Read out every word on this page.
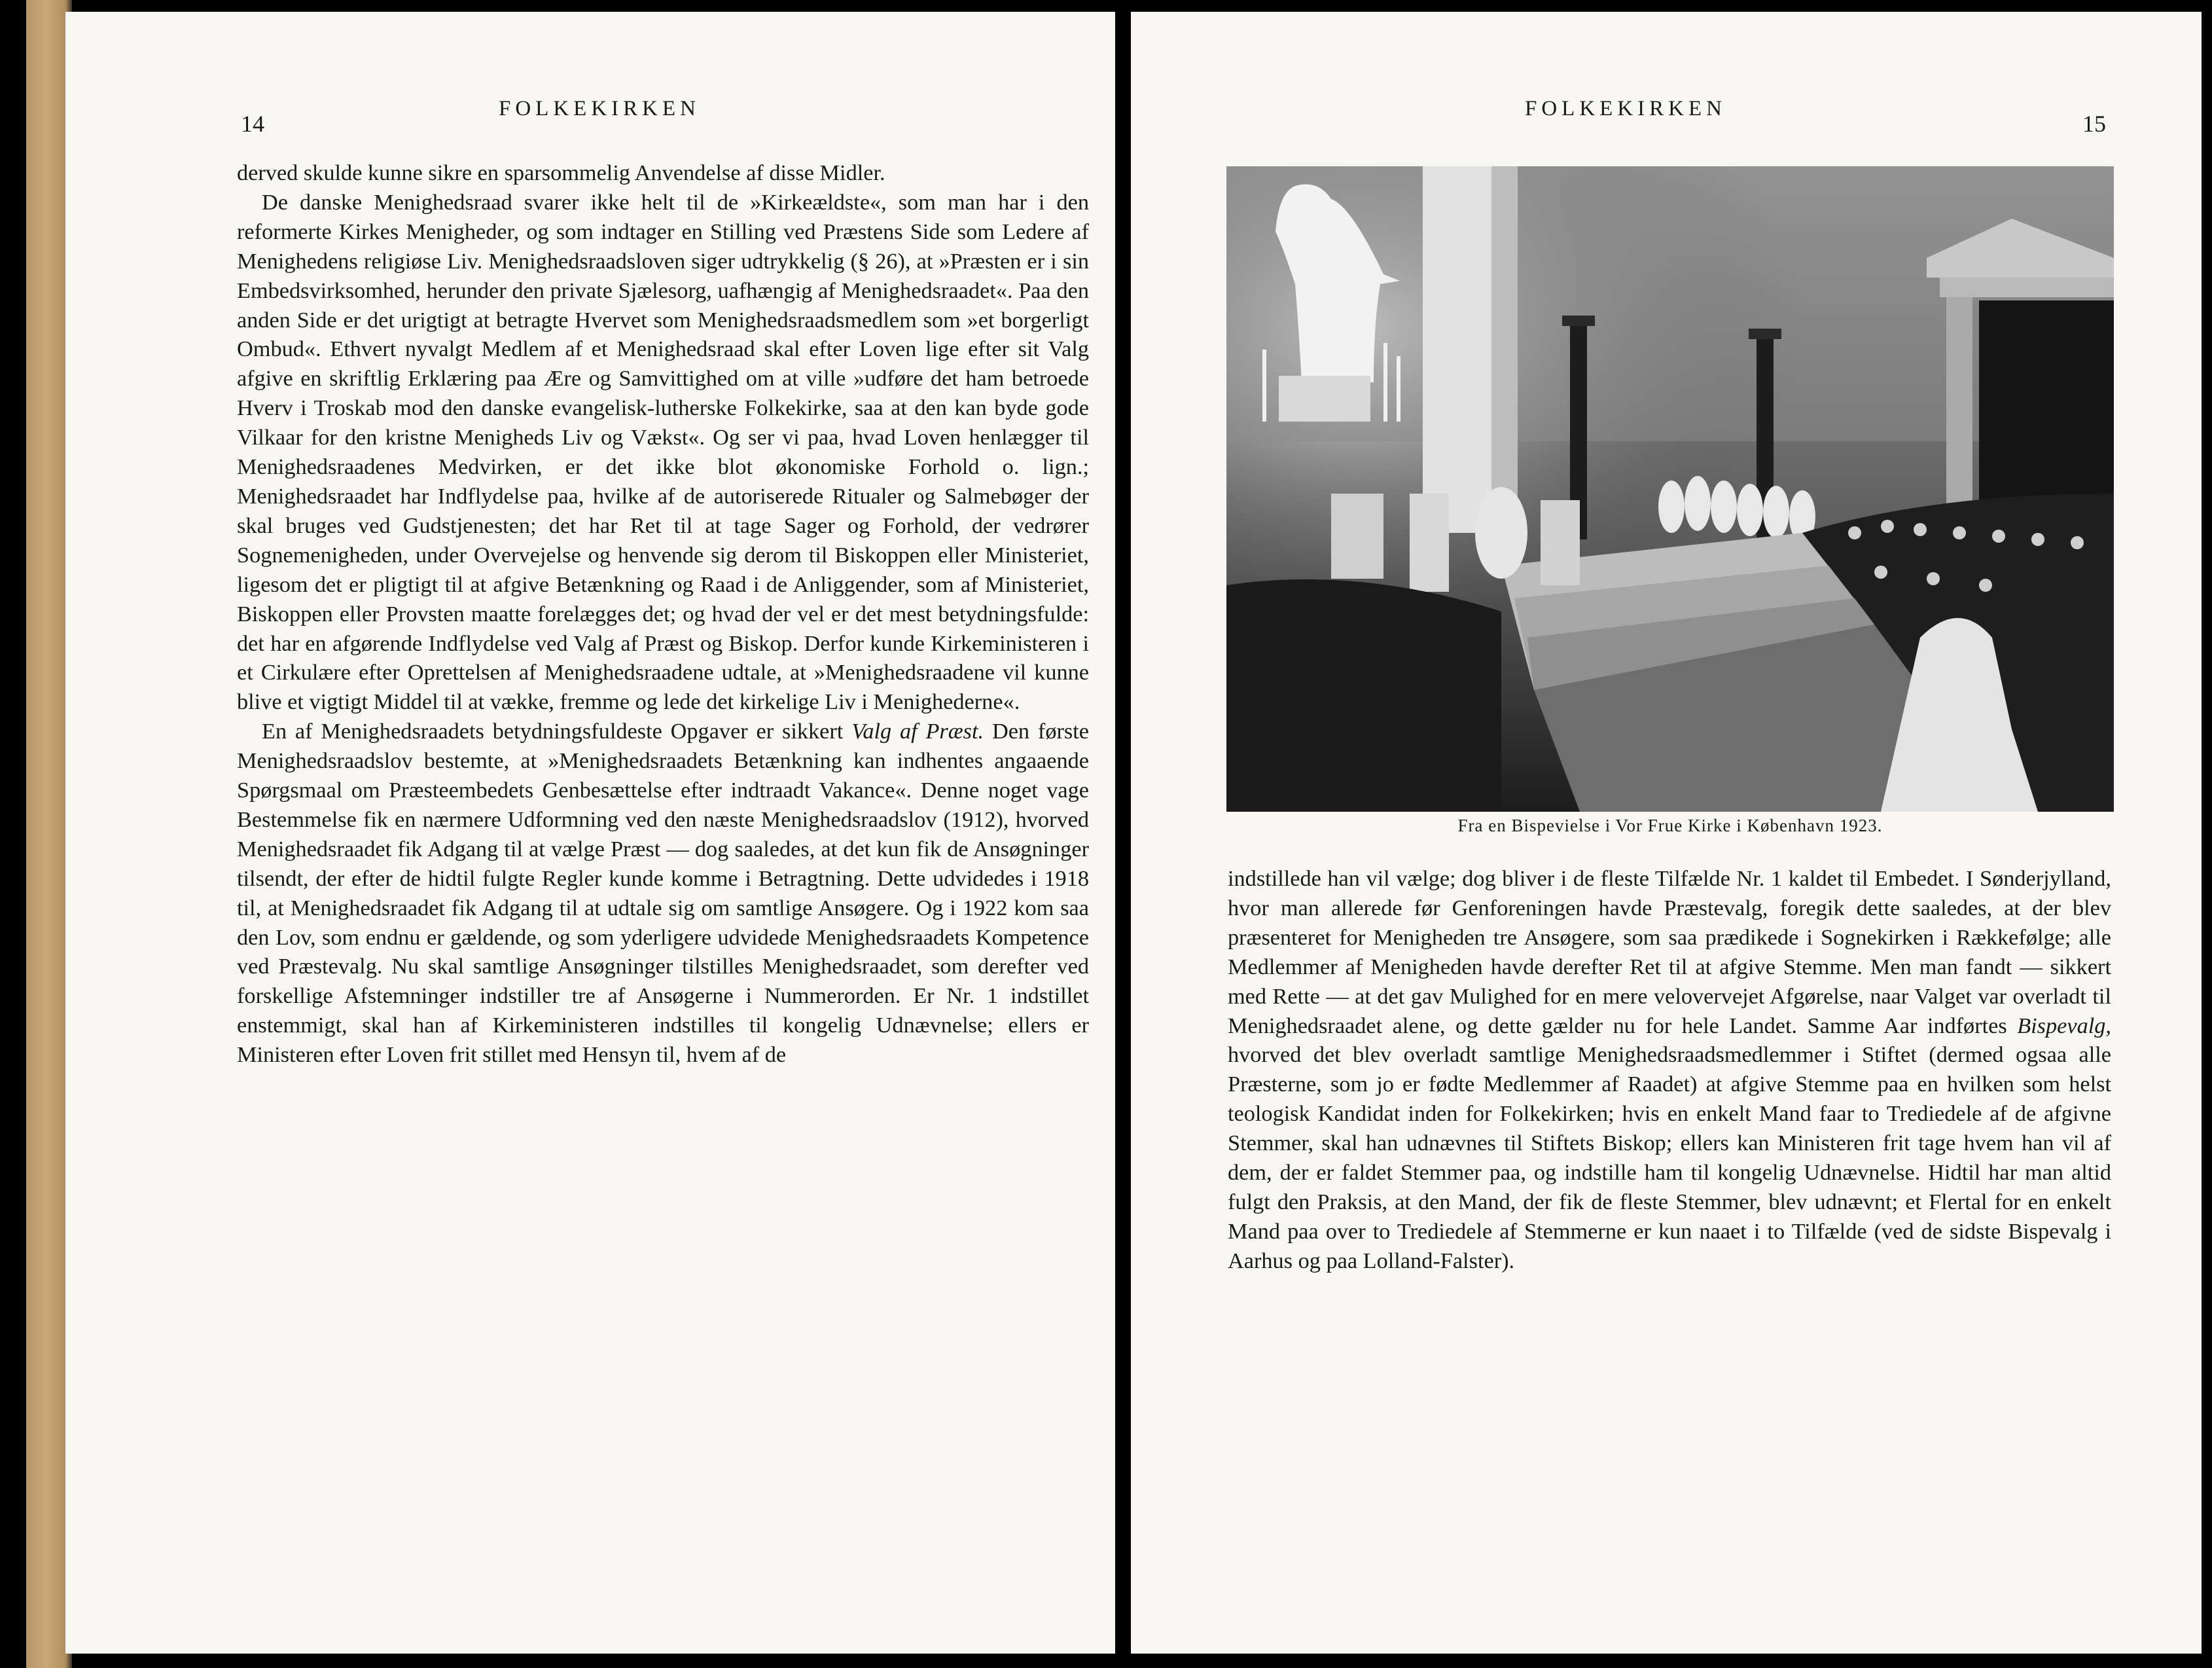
14
FOLKEKIRKEN

derved skulde kunne sikre en sparsommelig Anvendelse af disse Midler.

De danske Menighedsraad svarer ikke helt til de »Kirkeældste«, som man har i den reformerte Kirkes Menigheder, og som indtager en Stilling ved Præstens Side som Ledere af Menighedens religiøse Liv. Menighedsraadsloven siger udtrykkelig (§ 26), at »Præsten er i sin Embedsvirksomhed, herunder den private Sjælesorg, uafhængig af Menighedsraadet«. Paa den anden Side er det urigtigt at betragte Hvervet som Menighedsraadsmedlem som »et borgerligt Ombud«. Ethvert nyvalgt Medlem af et Menighedsraad skal efter Loven lige efter sit Valg afgive en skriftlig Erklæring paa Ære og Samvittighed om at ville »udføre det ham betroede Hverv i Troskab mod den danske evangelisk-lutherske Folkekirke, saa at den kan byde gode Vilkaar for den kristne Menigheds Liv og Vækst«. Og ser vi paa, hvad Loven henlægger til Menighedsraadenes Medvirken, er det ikke blot økonomiske Forhold o. lign.; Menighedsraadet har Indflydelse paa, hvilke af de autoriserede Ritualer og Salmebøger der skal bruges ved Gudstjenesten; det har Ret til at tage Sager og Forhold, der vedrører Sognemenigheden, under Overvejelse og henvende sig derom til Biskoppen eller Ministeriet, ligesom det er pligtigt til at afgive Betænkning og Raad i de Anliggender, som af Ministeriet, Biskoppen eller Provsten maatte forelægges det; og hvad der vel er det mest betydningsfulde: det har en afgørende Indflydelse ved Valg af Præst og Biskop. Derfor kunde Kirkeministeren i et Cirkulære efter Oprettelsen af Menighedsraadene udtale, at »Menighedsraadene vil kunne blive et vigtigt Middel til at vække, fremme og lede det kirkelige Liv i Menighederne«.

En af Menighedsraadets betydningsfuldeste Opgaver er sikkert Valg af Præst. Den første Menighedsraadslov bestemte, at »Menighedsraadets Betænkning kan indhentes angaaende Spørgsmaal om Præsteembedets Genbesættelse efter indtraadt Vakance«. Denne noget vage Bestemmelse fik en nærmere Udformning ved den næste Menighedsraadslov (1912), hvorved Menighedsraadet fik Adgang til at vælge Præst — dog saaledes, at det kun fik de Ansøgninger tilsendt, der efter de hidtil fulgte Regler kunde komme i Betragtning. Dette udvidedes i 1918 til, at Menighedsraadet fik Adgang til at udtale sig om samtlige Ansøgere. Og i 1922 kom saa den Lov, som endnu er gældende, og som yderligere udvidede Menighedsraadets Kompetence ved Præstevalg. Nu skal samtlige Ansøgninger tilstilles Menighedsraadet, som derefter ved forskellige Afstemninger indstiller tre af Ansøgerne i Nummerorden. Er Nr. 1 indstillet enstemmigt, skal han af Kirkeministeren indstilles til kongelig Udnævnelse; ellers er Ministeren efter Loven frit stillet med Hensyn til, hvem af de

FOLKEKIRKEN
15
Fra en Bispevielse i Vor Frue Kirke i København 1923.

indstillede han vil vælge; dog bliver i de fleste Tilfælde Nr. 1 kaldet til Embedet. I Sønderjylland, hvor man allerede før Genforeningen havde Præstevalg, foregik dette saaledes, at der blev præsenteret for Menigheden tre Ansøgere, som saa prædikede i Sognekirken i Rækkefølge; alle Medlemmer af Menigheden havde derefter Ret til at afgive Stemme. Men man fandt — sikkert med Rette — at det gav Mulighed for en mere velovervejet Afgørelse, naar Valget var overladt til Menighedsraadet alene, og dette gælder nu for hele Landet. Samme Aar indførtes Bispevalg, hvorved det blev overladt samtlige Menighedsraadsmedlemmer i Stiftet (dermed ogsaa alle Præsterne, som jo er fødte Medlemmer af Raadet) at afgive Stemme paa en hvilken som helst teologisk Kandidat inden for Folkekirken; hvis en enkelt Mand faar to Trediedele af de afgivne Stemmer, skal han udnævnes til Stiftets Biskop; ellers kan Ministeren frit tage hvem han vil af dem, der er faldet Stemmer paa, og indstille ham til kongelig Udnævnelse. Hidtil har man altid fulgt den Praksis, at den Mand, der fik de fleste Stemmer, blev udnævnt; et Flertal for en enkelt Mand paa over to Trediedele af Stemmerne er kun naaet i to Tilfælde (ved de sidste Bispevalg i Aarhus og paa Lolland-Falster).
